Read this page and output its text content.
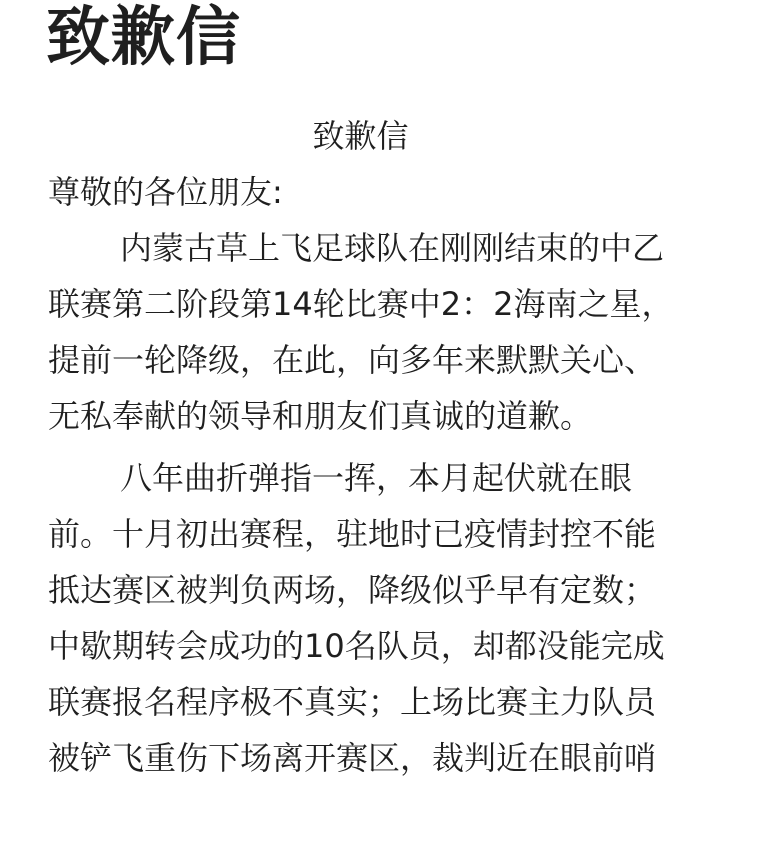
致歉信
致歉信
尊敬的各位朋友:
内蒙古草上飞足球队在刚刚结束的中乙
联赛第二阶段第14轮比赛中2：2海南之星，
提前一轮降级，在此，向多年来默默关心、
无私奉献的领导和朋友们真诚的道歉。
八年曲折弹指一挥，本月起伏就在眼
前。十月初出赛程，驻地时已疫情封控不能
抵达赛区被判负两场，降级似乎早有定数；
中歇期转会成功的10名队员，却都没能完成
联赛报名程序极不真实；上场比赛主力队员
被铲飞重伤下场离开赛区，裁判近在眼前哨
